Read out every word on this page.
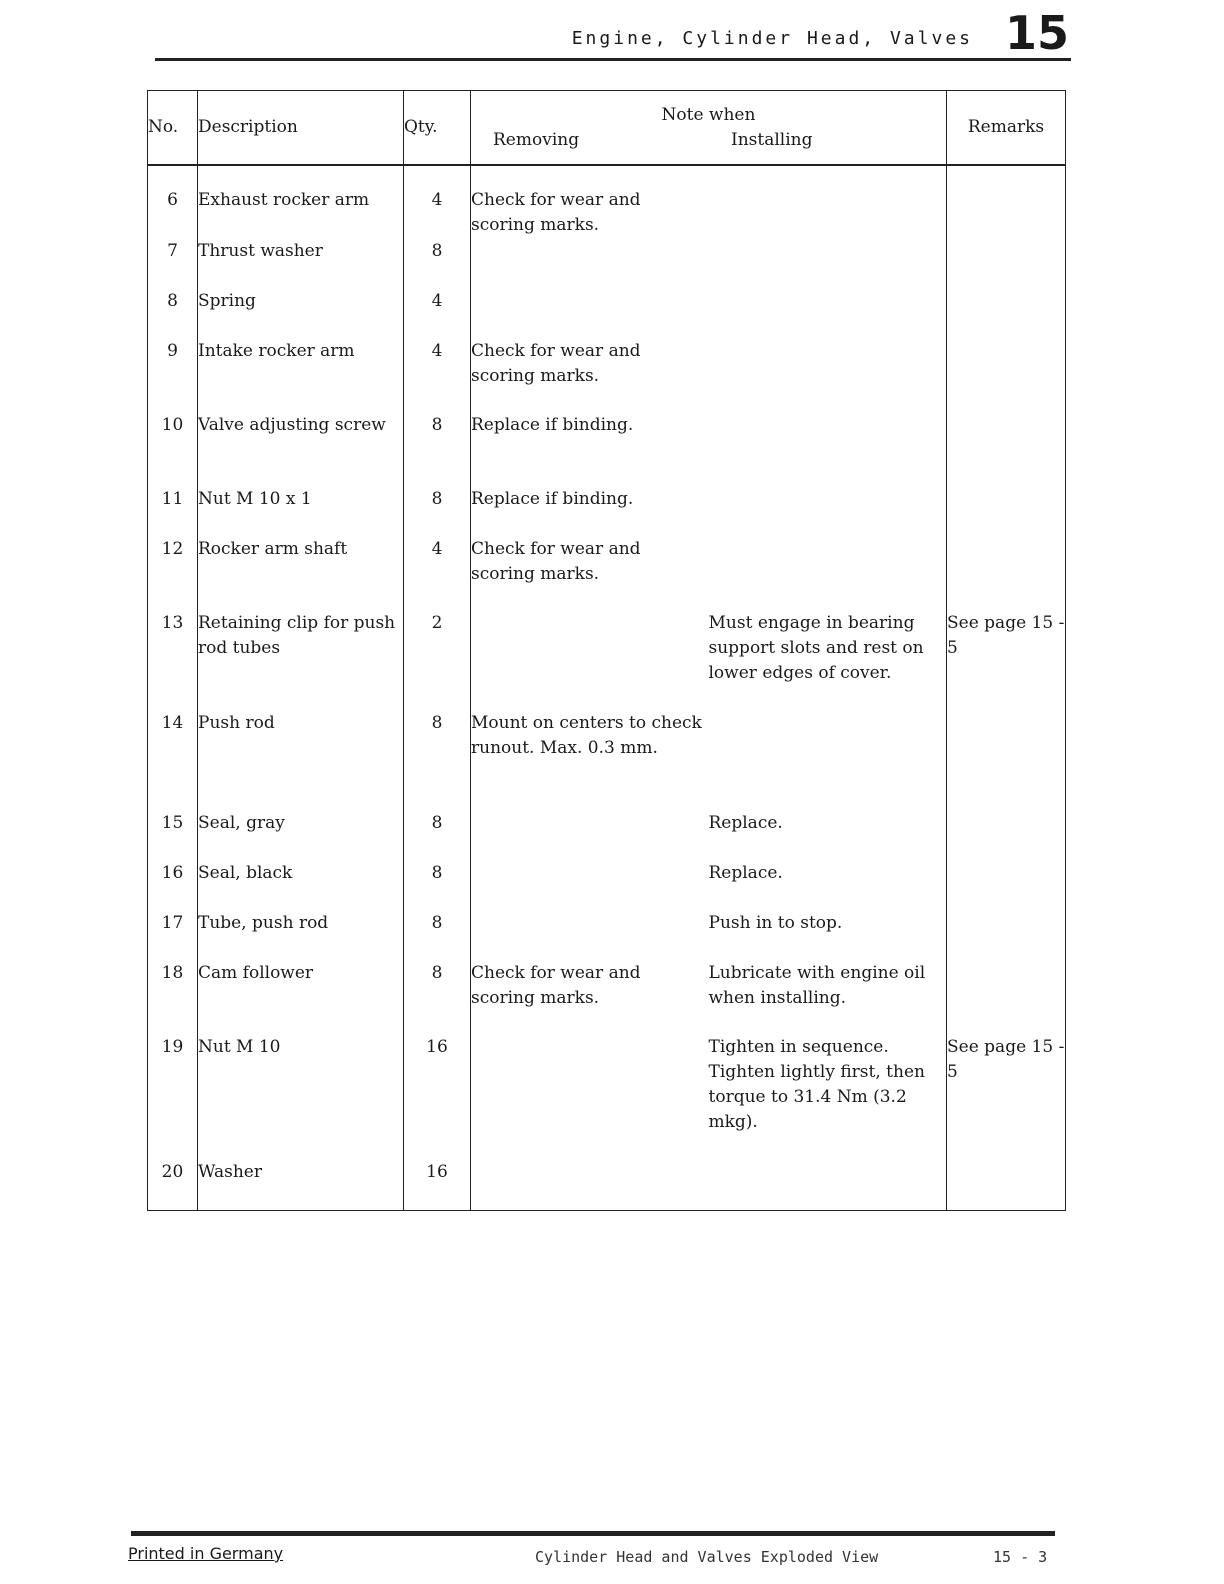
Engine, Cylinder Head, Valves 15
No.	Description	Qty.	Note when
Removing Installing		Remarks
6	Exhaust rocker arm	4	Check for wear and scoring marks.		
7	Thrust washer	8			
8	Spring	4			
9	Intake rocker arm	4	Check for wear and scoring marks.		
10	Valve adjusting screw	8	Replace if binding.		
11	Nut M 10 x 1	8	Replace if binding.		
12	Rocker arm shaft	4	Check for wear and scoring marks.		
13	Retaining clip for push rod tubes	2		Must engage in bearing support slots and rest on lower edges of cover.	See page 15 - 5
14	Push rod	8	Mount on centers to check runout. Max. 0.3 mm.		
15	Seal, gray	8		Replace.	
16	Seal, black	8		Replace.	
17	Tube, push rod	8		Push in to stop.	
18	Cam follower	8	Check for wear and scoring marks.	Lubricate with engine oil when installing.	
19	Nut M 10	16		Tighten in sequence. Tighten lightly first, then torque to 31.4 Nm (3.2 mkg).	See page 15 - 5
20	Washer	16			
Printed in Germany	Cylinder Head and Valves Exploded View	15 - 3
